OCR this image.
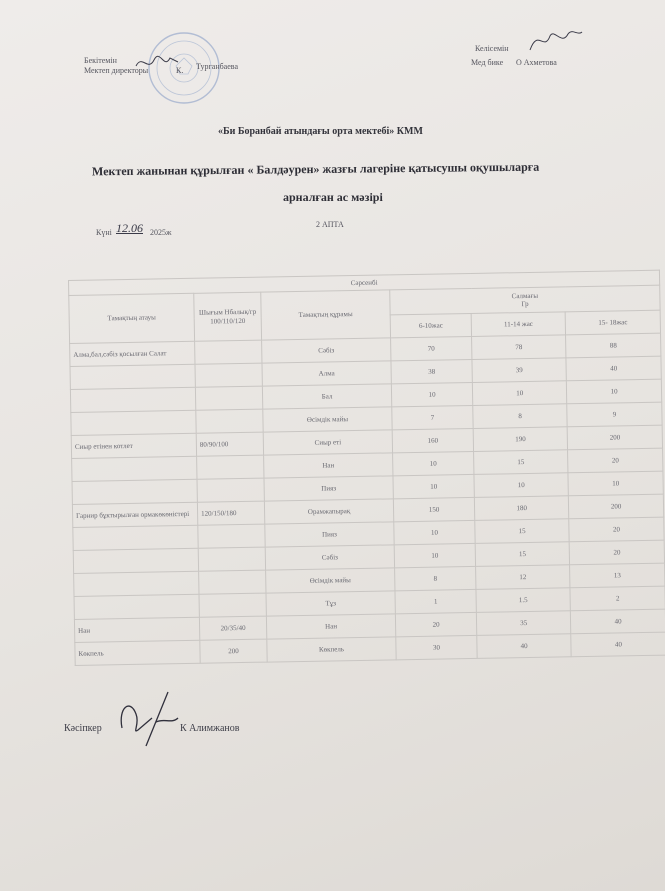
Бекітемін
Мектеп директоры	К. Турганбаева
Келісемін
Мед бике О Ахметова
«Би Боранбай атындағы орта мектебі» КММ
Мектеп жанынан құрылған « Балдәурен» жазғы лагеріне қатысушы оқушыларға
арналған ас мәзірі
Күні 12.06 2025ж
2 АПТА
Сәрсенбі					
Тамақтың атауы	Шығым Нбалық/гр 100/110/120	Тамақтың құрамы	Салмағы
Гр		
			6-10жас	11-14 жас	15- 18жас
Алма,бал,сәбіз қосылған Салат		Сәбіз	70	78	88
		Алма	38	39	40
		Бал	10	10	10
		Өсімдік майы	7	8	9
Сиыр етінен котлет	80/90/100	Сиыр еті	160	190	200
		Нан	10	15	20
		Пияз	10	10	10
Гарнир бұктырылған ормакөкөністері	120/150/180	Орамжапырақ	150	180	200
		Пияз	10	15	20
		Сәбіз	10	15	20
		Өсімдік майы	8	12	13
		Тұз	1	1.5	2
Нан	20/35/40	Нан	20	35	40
Көкпель	200	Көкпель	30	40	40
Кәсіпкер	К Алимжанов
